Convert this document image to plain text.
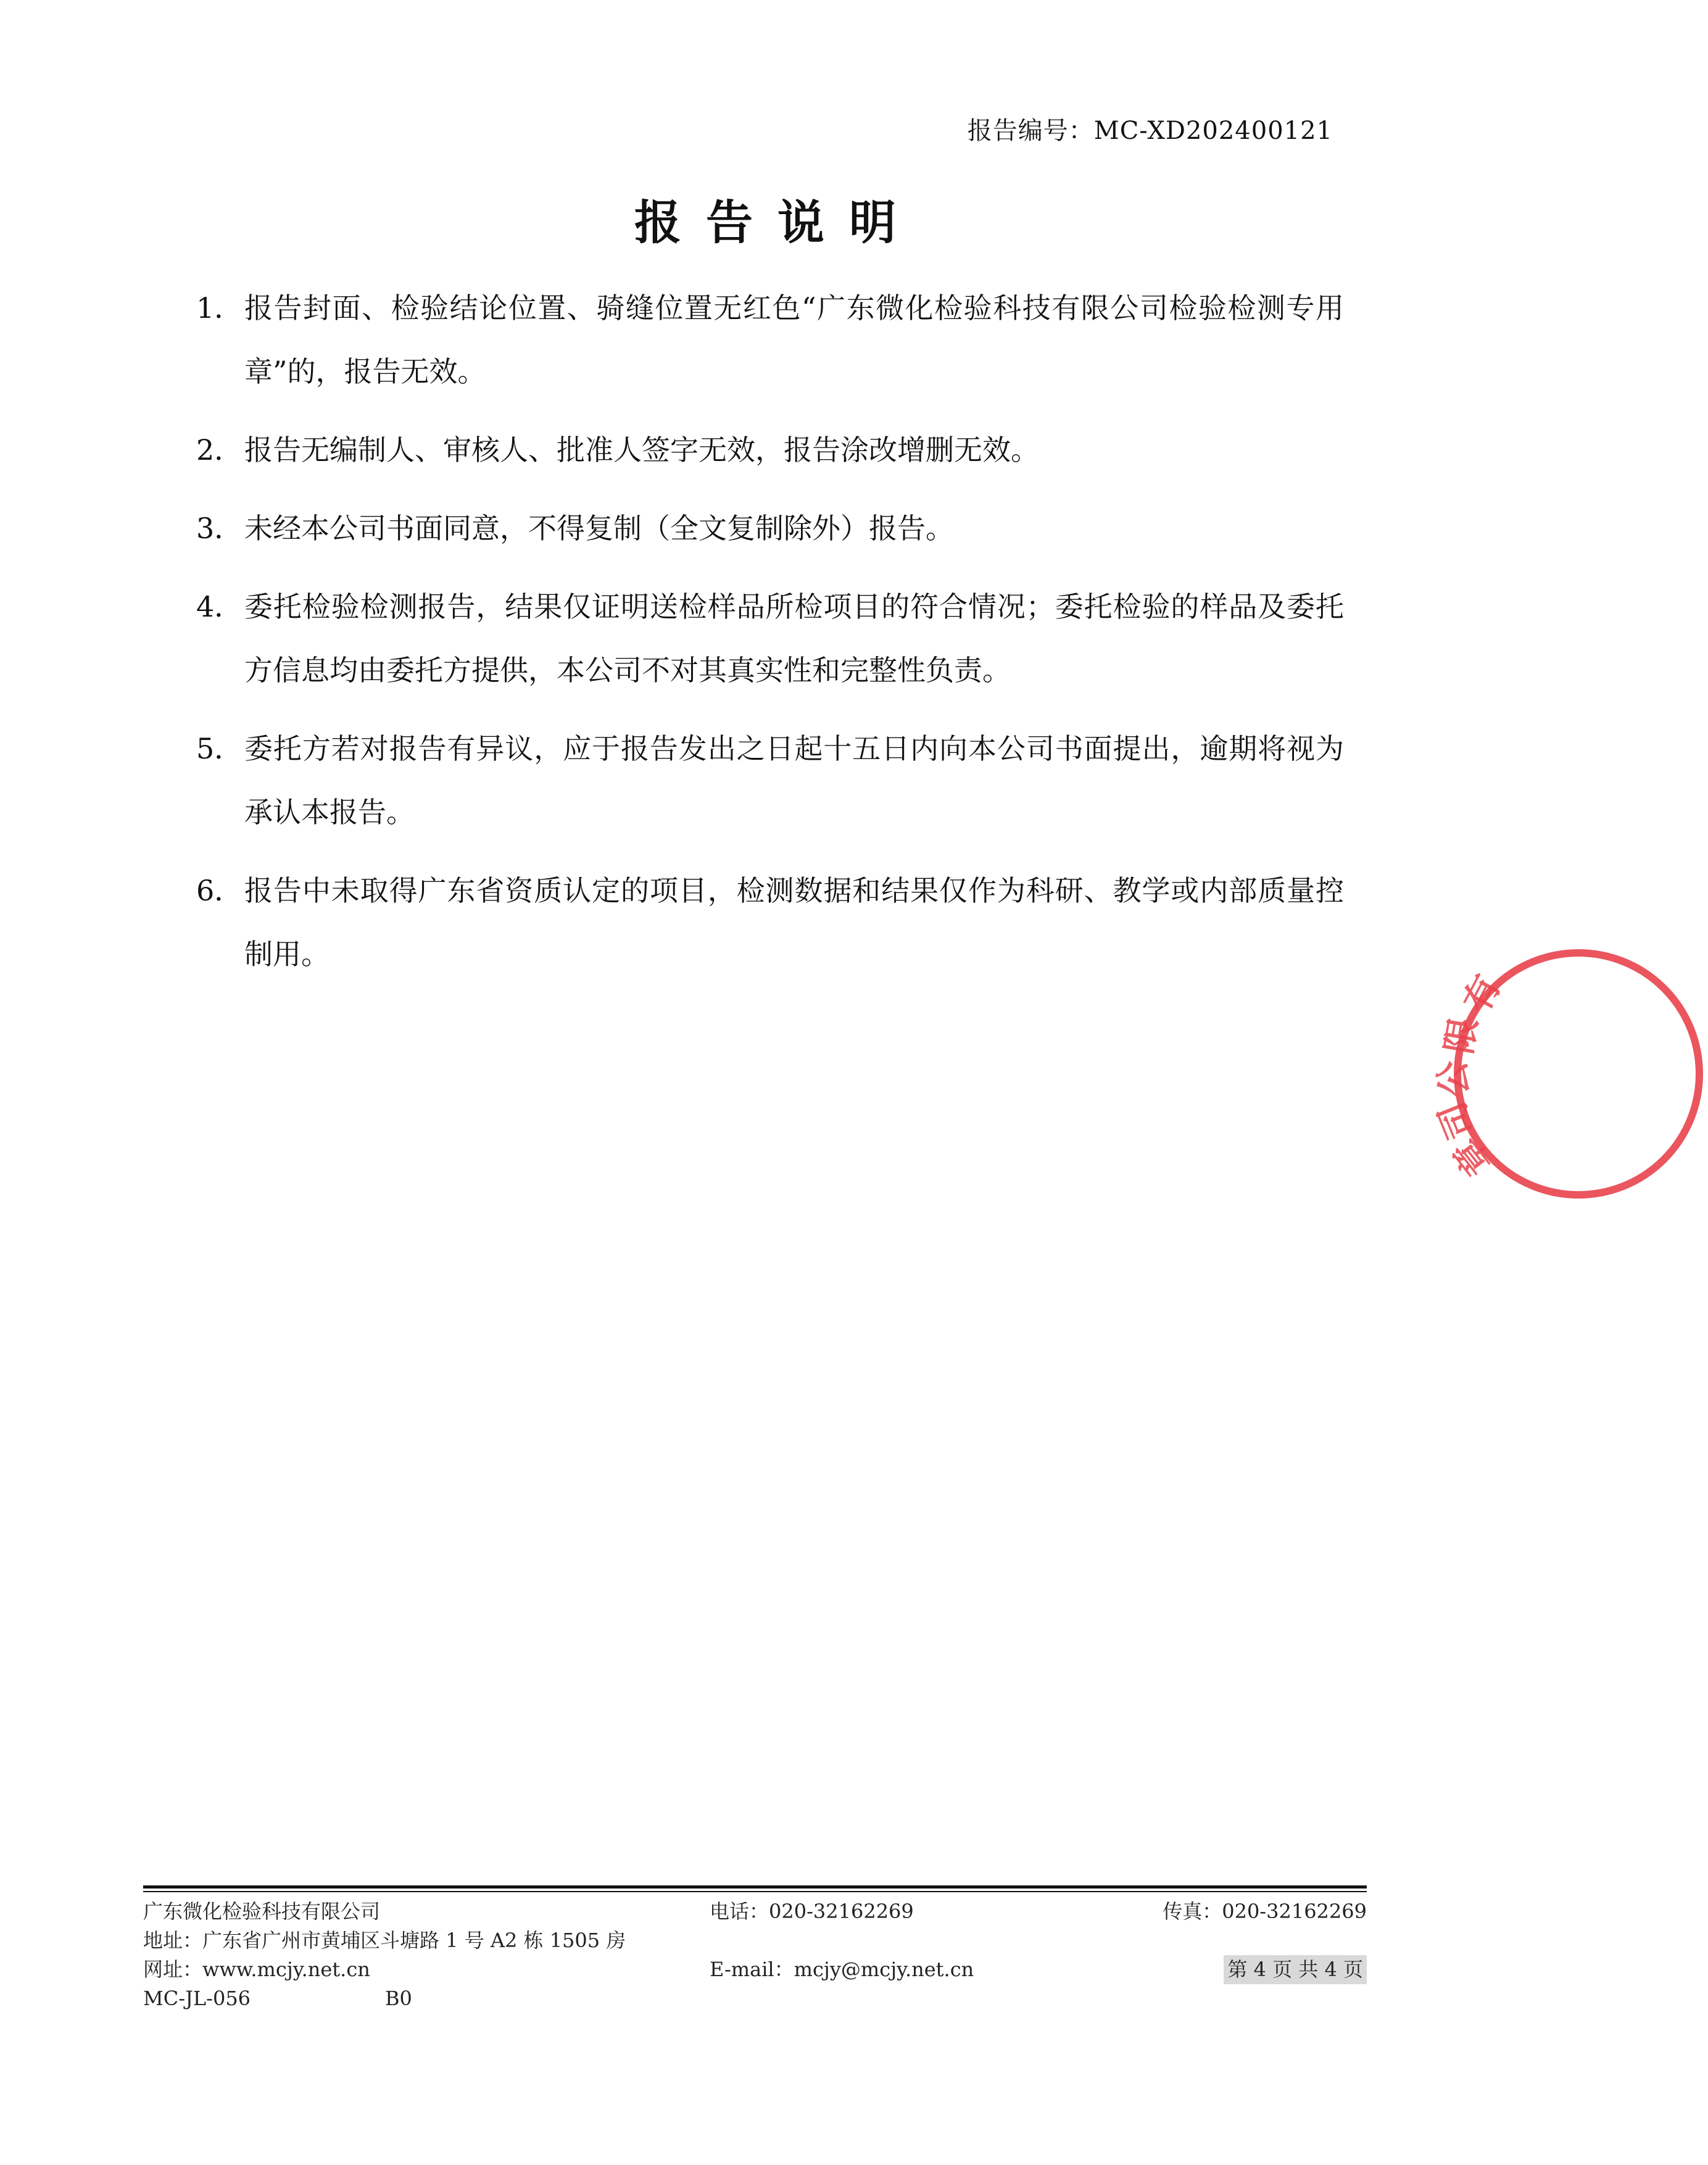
报告编号：MC-XD202400121
报告说明
1． 报告封面、检验结论位置、骑缝位置无红色“广东微化检验科技有限公司检验检测专用章”的，报告无效。
2． 报告无编制人、审核人、批准人签字无效，报告涂改增删无效。
3． 未经本公司书面同意，不得复制（全文复制除外）报告。
4． 委托检验检测报告，结果仅证明送检样品所检项目的符合情况；委托检验的样品及委托方信息均由委托方提供，本公司不对其真实性和完整性负责。
5． 委托方若对报告有异议，应于报告发出之日起十五日内向本公司书面提出，逾期将视为承认本报告。
6． 报告中未取得广东省资质认定的项目，检测数据和结果仅作为科研、教学或内部质量控制用。
有
限
公
司
章
广东微化检验科技有限公司	电话：020-32162269	传真：020-32162269
地址：广东省广州市黄埔区斗塘路 1 号 A2 栋 1505 房
网址：www.mcjy.net.cn	E-mail：mcjy@mcjy.net.cn	第 4 页 共 4 页
MC-JL-056	B0
